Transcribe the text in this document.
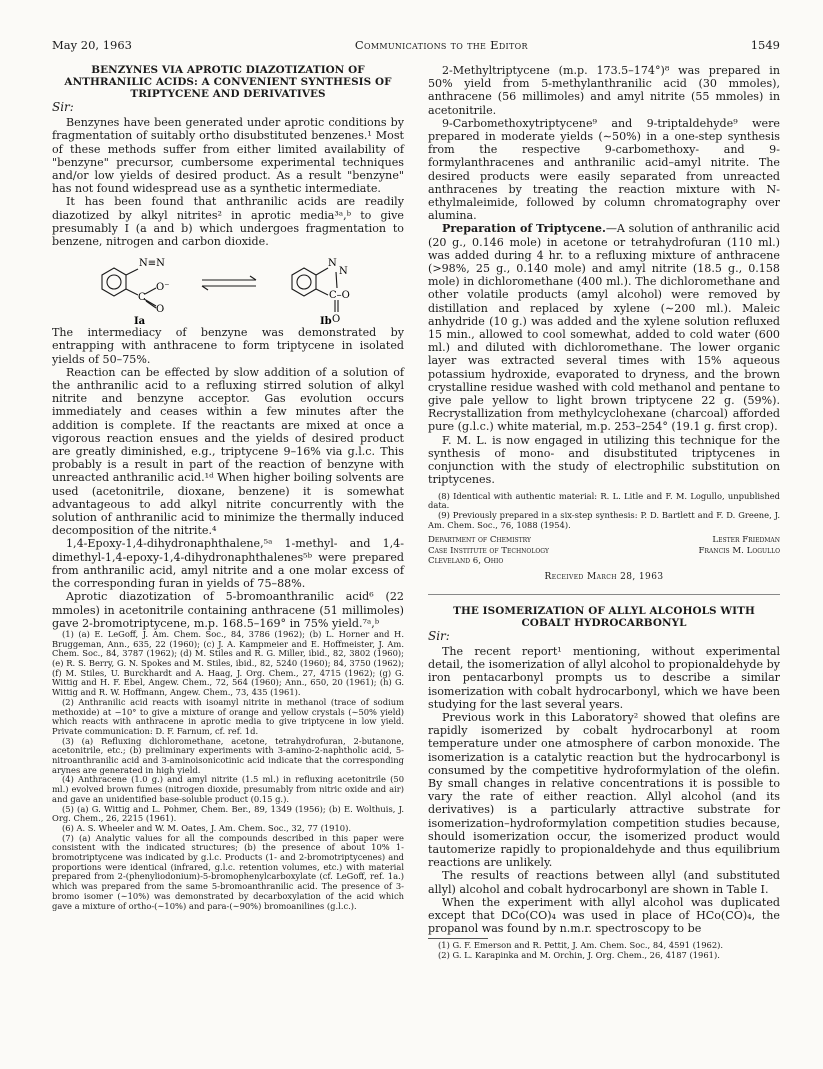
May 20, 1963	Communications to the Editor	1549
BENZYNES VIA APROTIC DIAZOTIZATION OF ANTHRANILIC ACIDS: A CONVENIENT SYNTHESIS OF TRIPTYCENE AND DERIVATIVES
Sir:

Benzynes have been generated under aprotic conditions by fragmentation of suitably ortho disubstituted benzenes.¹ Most of these methods suffer from either limited availability of "benzyne" precursor, cumbersome experimental techniques and/or low yields of desired product. As a result "benzyne" has not found widespread use as a synthetic intermediate.

It has been found that anthranilic acids are readily diazotized by alkyl nitrites² in aprotic media³ᵃ,ᵇ to give presumably I (a and b) which undergoes fragmentation to benzene, nitrogen and carbon dioxide.

N≡N
O⁻
C
O
N
N
C–O
O
Ia	Ib

The intermediacy of benzyne was demonstrated by entrapping with anthracene to form triptycene in isolated yields of 50–75%.

Reaction can be effected by slow addition of a solution of the anthranilic acid to a refluxing stirred solution of alkyl nitrite and benzyne acceptor. Gas evolution occurs immediately and ceases within a few minutes after the addition is complete. If the reactants are mixed at once a vigorous reaction ensues and the yields of desired product are greatly diminished, e.g., triptycene 9–16% via g.l.c. This probably is a result in part of the reaction of benzyne with unreacted anthranilic acid.¹ᵈ When higher boiling solvents are used (acetonitrile, dioxane, benzene) it is somewhat advantageous to add alkyl nitrite concurrently with the solution of anthranilic acid to minimize the thermally induced decomposition of the nitrite.⁴

1,4-Epoxy-1,4-dihydronaphthalene,⁵ᵃ 1-methyl- and 1,4-dimethyl-1,4-epoxy-1,4-dihydronaphthalenes⁵ᵇ were prepared from anthranilic acid, amyl nitrite and a one molar excess of the corresponding furan in yields of 75–88%.

Aprotic diazotization of 5-bromoanthranilic acid⁶ (22 mmoles) in acetonitrile containing anthracene (51 millimoles) gave 2-bromotriptycene, m.p. 168.5–169° in 75% yield.⁷ᵃ,ᵇ

(1) (a) E. LeGoff, J. Am. Chem. Soc., 84, 3786 (1962); (b) L. Horner and H. Bruggeman, Ann., 635, 22 (1960); (c) J. A. Kampmeier and E. Hoffmeister, J. Am. Chem. Soc., 84, 3787 (1962); (d) M. Stiles and R. G. Miller, ibid., 82, 3802 (1960); (e) R. S. Berry, G. N. Spokes and M. Stiles, ibid., 82, 5240 (1960); 84, 3750 (1962); (f) M. Stiles, U. Burckhardt and A. Haag, J. Org. Chem., 27, 4715 (1962); (g) G. Wittig and H. F. Ebel, Angew. Chem., 72, 564 (1960); Ann., 650, 20 (1961); (h) G. Wittig and R. W. Hoffmann, Angew. Chem., 73, 435 (1961).

(2) Anthranilic acid reacts with isoamyl nitrite in methanol (trace of sodium methoxide) at −10° to give a mixture of orange and yellow crystals (∼50% yield) which reacts with anthracene in aprotic media to give triptycene in low yield. Private communication: D. F. Farnum, cf. ref. 1d.

(3) (a) Refluxing dichloromethane, acetone, tetrahydrofuran, 2-butanone, acetonitrile, etc.; (b) preliminary experiments with 3-amino-2-naphtholic acid, 5-nitroanthranilic acid and 3-aminoisonicotinic acid indicate that the corresponding arynes are generated in high yield.

(4) Anthracene (1.0 g.) and amyl nitrite (1.5 ml.) in refluxing acetonitrile (50 ml.) evolved brown fumes (nitrogen dioxide, presumably from nitric oxide and air) and gave an unidentified base-soluble product (0.15 g.).

(5) (a) G. Wittig and L. Pohmer, Chem. Ber., 89, 1349 (1956); (b) E. Wolthuis, J. Org. Chem., 26, 2215 (1961).

(6) A. S. Wheeler and W. M. Oates, J. Am. Chem. Soc., 32, 77 (1910).

(7) (a) Analytic values for all the compounds described in this paper were consistent with the indicated structures; (b) the presence of about 10% 1-bromotriptycene was indicated by g.l.c. Products (1- and 2-bromotriptycenes) and proportions were identical (infrared, g.l.c. retention volumes, etc.) with material prepared from 2-(phenyliodonium)-5-bromophenylcarboxylate (cf. LeGoff, ref. 1a.) which was prepared from the same 5-bromoanthranilic acid. The presence of 3-bromo isomer (∼10%) was demonstrated by decarboxylation of the acid which gave a mixture of ortho-(∼10%) and para-(∼90%) bromoanilines (g.l.c.).

2-Methyltriptycene (m.p. 173.5–174°)⁸ was prepared in 50% yield from 5-methylanthranilic acid (30 mmoles), anthracene (56 millimoles) and amyl nitrite (55 mmoles) in acetonitrile.

9-Carbomethoxytriptycene⁹ and 9-triptaldehyde⁹ were prepared in moderate yields (∼50%) in a one-step synthesis from the respective 9-carbomethoxy- and 9-formylanthracenes and anthranilic acid–amyl nitrite. The desired products were easily separated from unreacted anthracenes by treating the reaction mixture with N-ethylmaleimide, followed by column chromatography over alumina.

Preparation of Triptycene.—A solution of anthranilic acid (20 g., 0.146 mole) in acetone or tetrahydrofuran (110 ml.) was added during 4 hr. to a refluxing mixture of anthracene (>98%, 25 g., 0.140 mole) and amyl nitrite (18.5 g., 0.158 mole) in dichloromethane (400 ml.). The dichloromethane and other volatile products (amyl alcohol) were removed by distillation and replaced by xylene (∼200 ml.). Maleic anhydride (10 g.) was added and the xylene solution refluxed 15 min., allowed to cool somewhat, added to cold water (600 ml.) and diluted with dichloromethane. The lower organic layer was extracted several times with 15% aqueous potassium hydroxide, evaporated to dryness, and the brown crystalline residue washed with cold methanol and pentane to give pale yellow to light brown triptycene 22 g. (59%). Recrystallization from methylcyclohexane (charcoal) afforded pure (g.l.c.) white material, m.p. 253–254° (19.1 g. first crop).

F. M. L. is now engaged in utilizing this technique for the synthesis of mono- and disubstituted triptycenes in conjunction with the study of electrophilic substitution on triptycenes.

(8) Identical with authentic material: R. L. Litle and F. M. Logullo, unpublished data.

(9) Previously prepared in a six-step synthesis: P. D. Bartlett and F. D. Greene, J. Am. Chem. Soc., 76, 1088 (1954).

Department of Chemistry
Case Institute of Technology
Cleveland 6, Ohio
Lester Friedman
Francis M. Logullo
Received March 28, 1963
THE ISOMERIZATION OF ALLYL ALCOHOLS WITH COBALT HYDROCARBONYL
Sir:

The recent report¹ mentioning, without experimental detail, the isomerization of allyl alcohol to propionaldehyde by iron pentacarbonyl prompts us to describe a similar isomerization with cobalt hydrocarbonyl, which we have been studying for the last several years.

Previous work in this Laboratory² showed that olefins are rapidly isomerized by cobalt hydrocarbonyl at room temperature under one atmosphere of carbon monoxide. The isomerization is a catalytic reaction but the hydrocarbonyl is consumed by the competitive hydroformylation of the olefin. By small changes in relative concentrations it is possible to vary the rate of either reaction. Allyl alcohol (and its derivatives) is a particularly attractive substrate for isomerization–hydroformylation competition studies because, should isomerization occur, the isomerized product would tautomerize rapidly to propionaldehyde and thus equilibrium reactions are unlikely.

The results of reactions between allyl (and substituted allyl) alcohol and cobalt hydrocarbonyl are shown in Table I.

When the experiment with allyl alcohol was duplicated except that DCo(CO)₄ was used in place of HCo(CO)₄, the propanol was found by n.m.r. spectroscopy to be

(1) G. F. Emerson and R. Pettit, J. Am. Chem. Soc., 84, 4591 (1962).

(2) G. L. Karapinka and M. Orchin, J. Org. Chem., 26, 4187 (1961).
